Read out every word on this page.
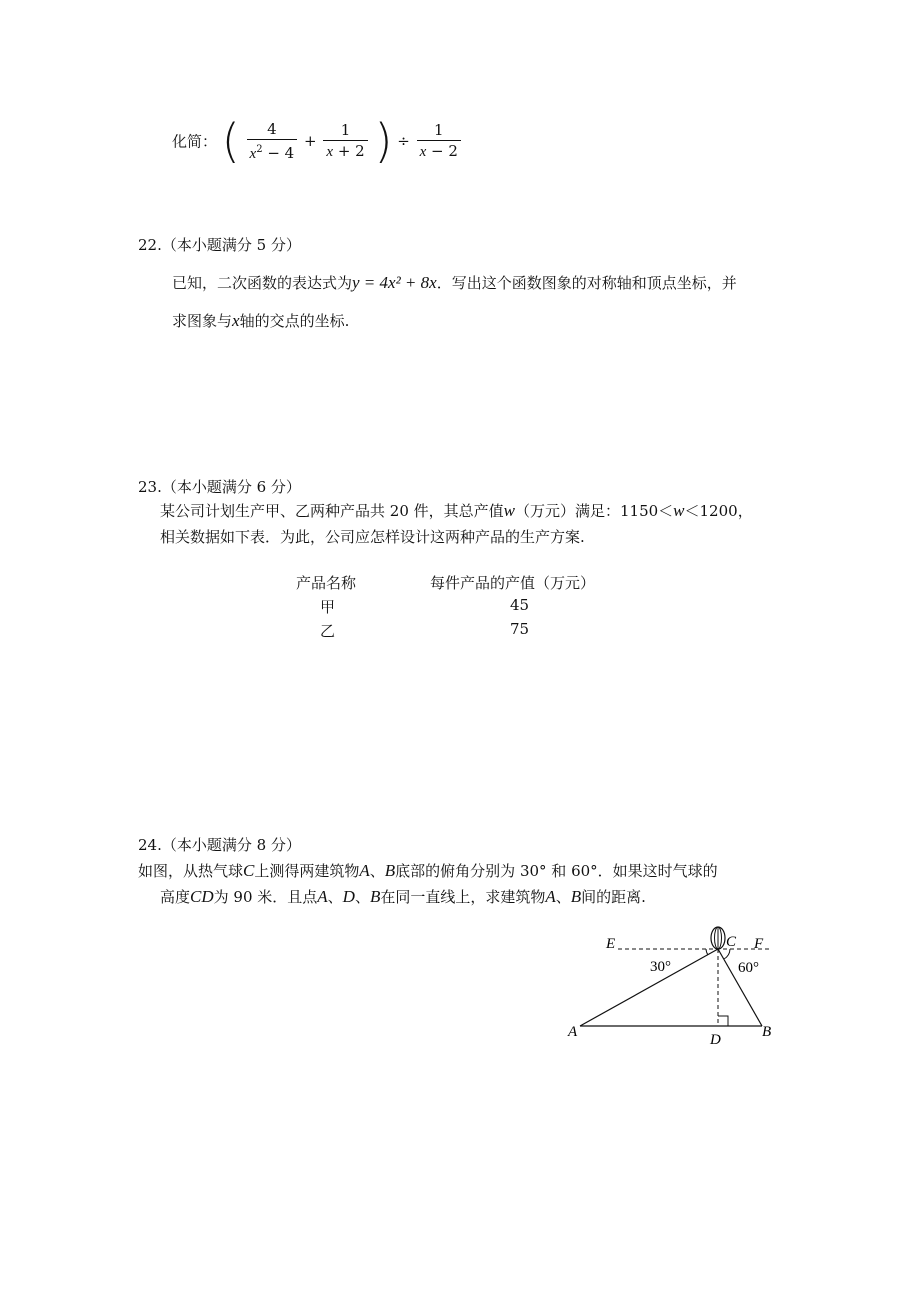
化简： ( $\frac{4}{x^2 - 4} + \frac{1}{x + 2}$ ) ÷ $\frac{1}{x - 2}$
22.（本小题满分 5 分）
已知，二次函数的表达式为y = 4x² + 8x．写出这个函数图象的对称轴和顶点坐标，并
求图象与x轴的交点的坐标.
23.（本小题满分 6 分）
某公司计划生产甲、乙两种产品共 20 件，其总产值w（万元）满足：1150＜w＜1200，
相关数据如下表．为此，公司应怎样设计这两种产品的生产方案.
产品名称	每件产品的产值（万元）
甲	45
乙	75
24.（本小题满分 8 分）
如图，从热气球C上测得两建筑物A、B底部的俯角分别为 30° 和 60°．如果这时气球的
高度CD为 90 米．且点A、D、B在同一直线上，求建筑物A、B间的距离.
E	C F
30°	60°
A	D	B
